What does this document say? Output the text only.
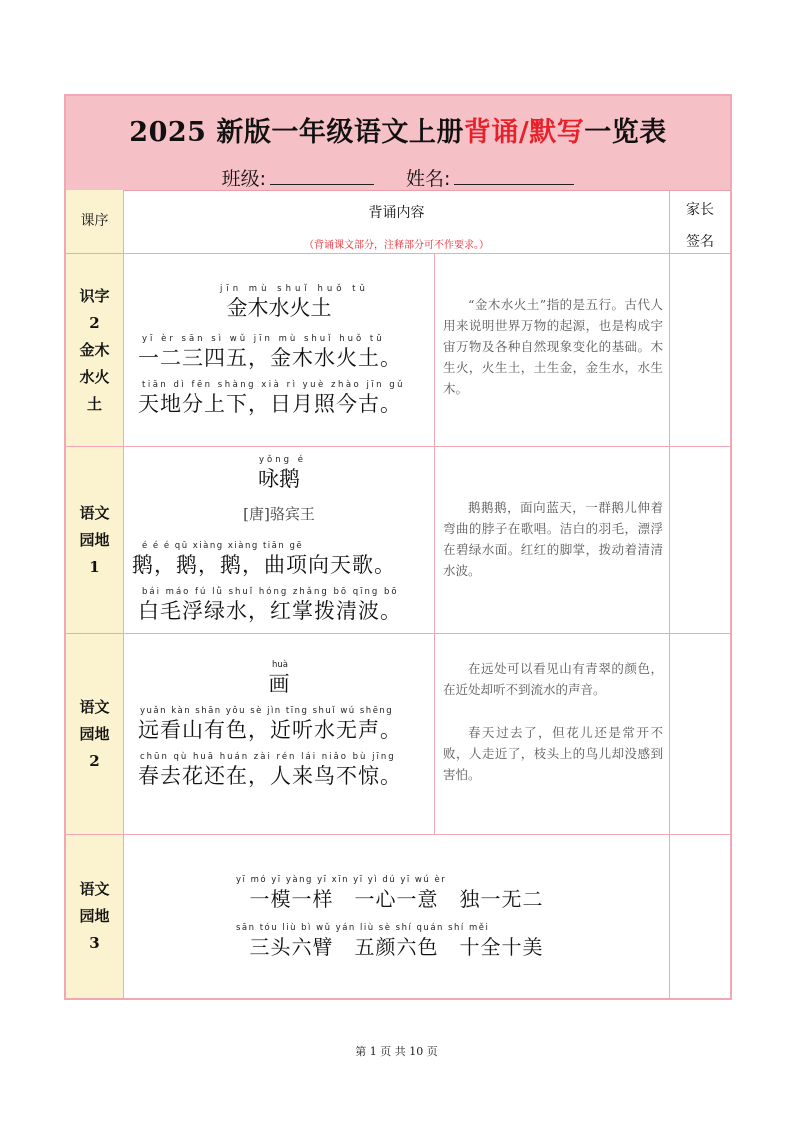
2025 新版一年级语文上册背诵/默写一览表
班级:	姓名:
课序	背诵内容
（背诵课文部分，注释部分可不作要求。）
家长
签名
识字
2
金木
水火
土
jīn mù shuǐ huǒ tǔ
金木水火土
yī èr sān sì wǔ jīn mù shuǐ huǒ tǔ
一二三四五，金木水火土。
tiān dì fēn shàng xià rì yuè zhào jīn gǔ
天地分上下，日月照今古。
“金木水火土”指的是五行。古代人用来说明世界万物的起源，也是构成宇宙万物及各种自然现象变化的基础。木生火，火生土，土生金，金生水，水生木。
语文
园地
1
yǒng é
咏鹅
[唐]骆宾王
é é é qū xiàng xiàng tiān gē
鹅，鹅，鹅，曲项向天歌。
bái máo fú lǜ shuǐ hóng zhǎng bō qīng bō
白毛浮绿水，红掌拨清波。
鹅鹅鹅，面向蓝天，一群鹅儿伸着弯曲的脖子在歌唱。洁白的羽毛，漂浮在碧绿水面。红红的脚掌，拨动着清清水波。
语文
园地
2
huà
画
yuǎn kàn shān yǒu sè jìn tīng shuǐ wú shēng
远看山有色，近听水无声。
chūn qù huā huán zài rén lái niǎo bù jīng
春去花还在，人来鸟不惊。
在远处可以看见山有青翠的颜色，在近处却听不到流水的声音。
春天过去了，但花儿还是常开不败，人走近了，枝头上的鸟儿却没感到害怕。
语文
园地
3
yī mó yī yàng yī xīn yī yì dú yī wú èr
一模一样　一心一意　独一无二
sān tóu liù bì wǔ yán liù sè shí quán shí měi
三头六臂　五颜六色　十全十美
第 1 页 共 10 页
